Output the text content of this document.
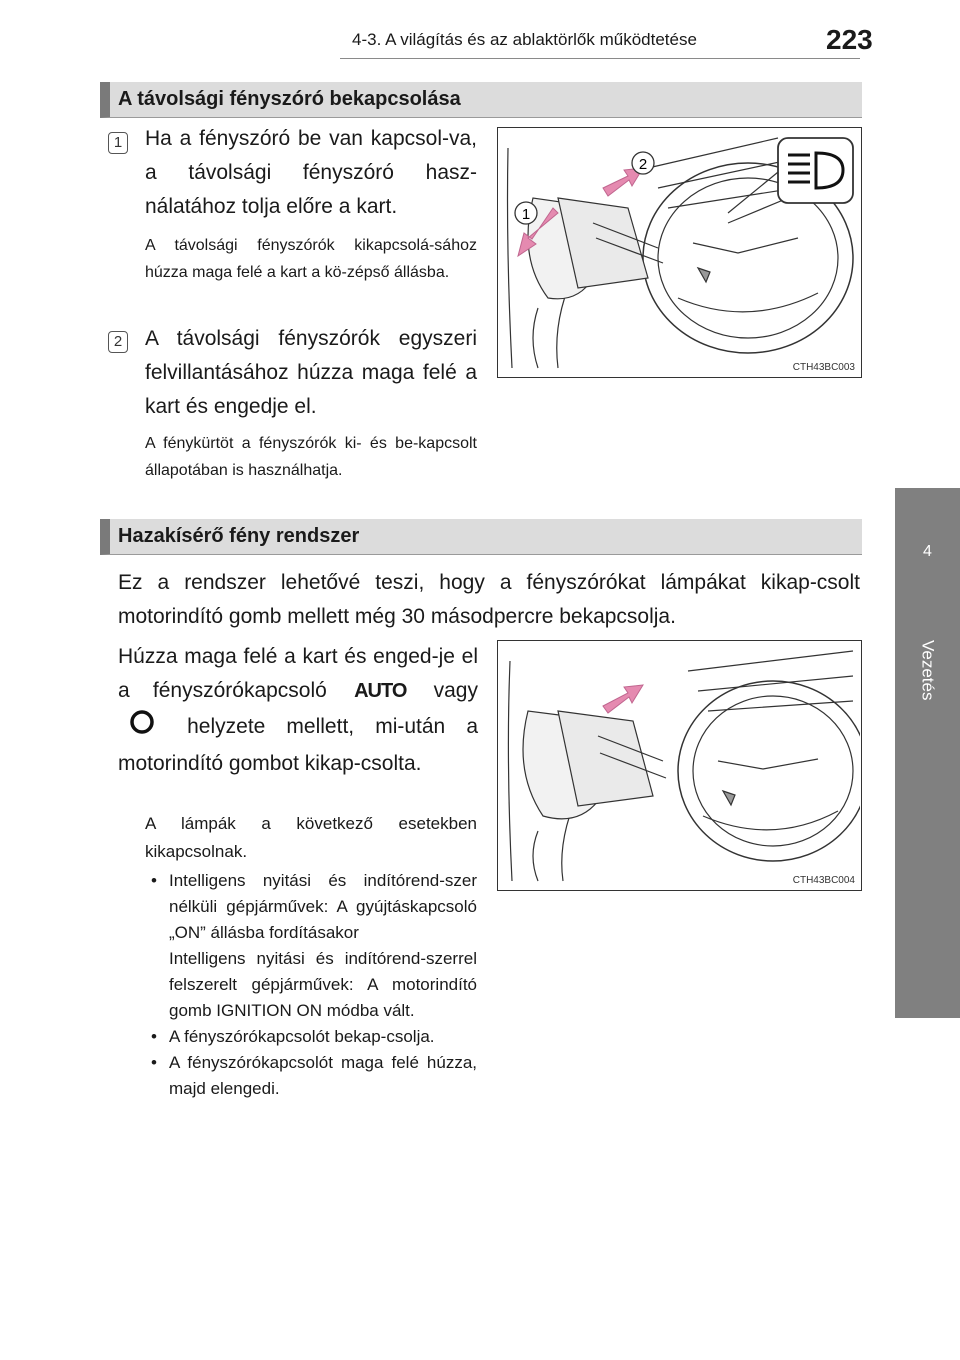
4-3. A világítás és az ablaktörlők működtetése	223
4
Vezetés
A távolsági fényszóró bekapcsolása
1 Ha a fényszóró be van kapcsol-va, a távolsági fényszóró hasz-nálatához tolja előre a kart.
A távolsági fényszórók kikapcsolá-sához húzza maga felé a kart a kö-zépső állásba.
2 A távolsági fényszórók egyszeri felvillantásához húzza maga felé a kart és engedje el.
A fénykürtöt a fényszórók ki- és be-kapcsolt állapotában is használhatja.
1
2
CTH43BC003
Hazakísérő fény rendszer
Ez a rendszer lehetővé teszi, hogy a fényszórókat lámpákat kikap-csolt motorindító gomb mellett még 30 másodpercre bekapcsolja.
Húzza maga felé a kart és enged-je el a fényszórókapcsoló AUTO vagy  helyzete mellett, mi-után a motorindító gombot kikap-csolta.
A lámpák a következő esetekben kikapcsolnak.
• Intelligens nyitási és indítórend-szer nélküli gépjárművek: A gyújtáskapcsoló „ON” állásba fordításakor
Intelligens nyitási és indítórend-szerrel felszerelt gépjárművek: A motorindító gomb IGNITION ON módba vált.
• A fényszórókapcsolót bekap-csolja.
• A fényszórókapcsolót maga felé húzza, majd elengedi.
CTH43BC004
